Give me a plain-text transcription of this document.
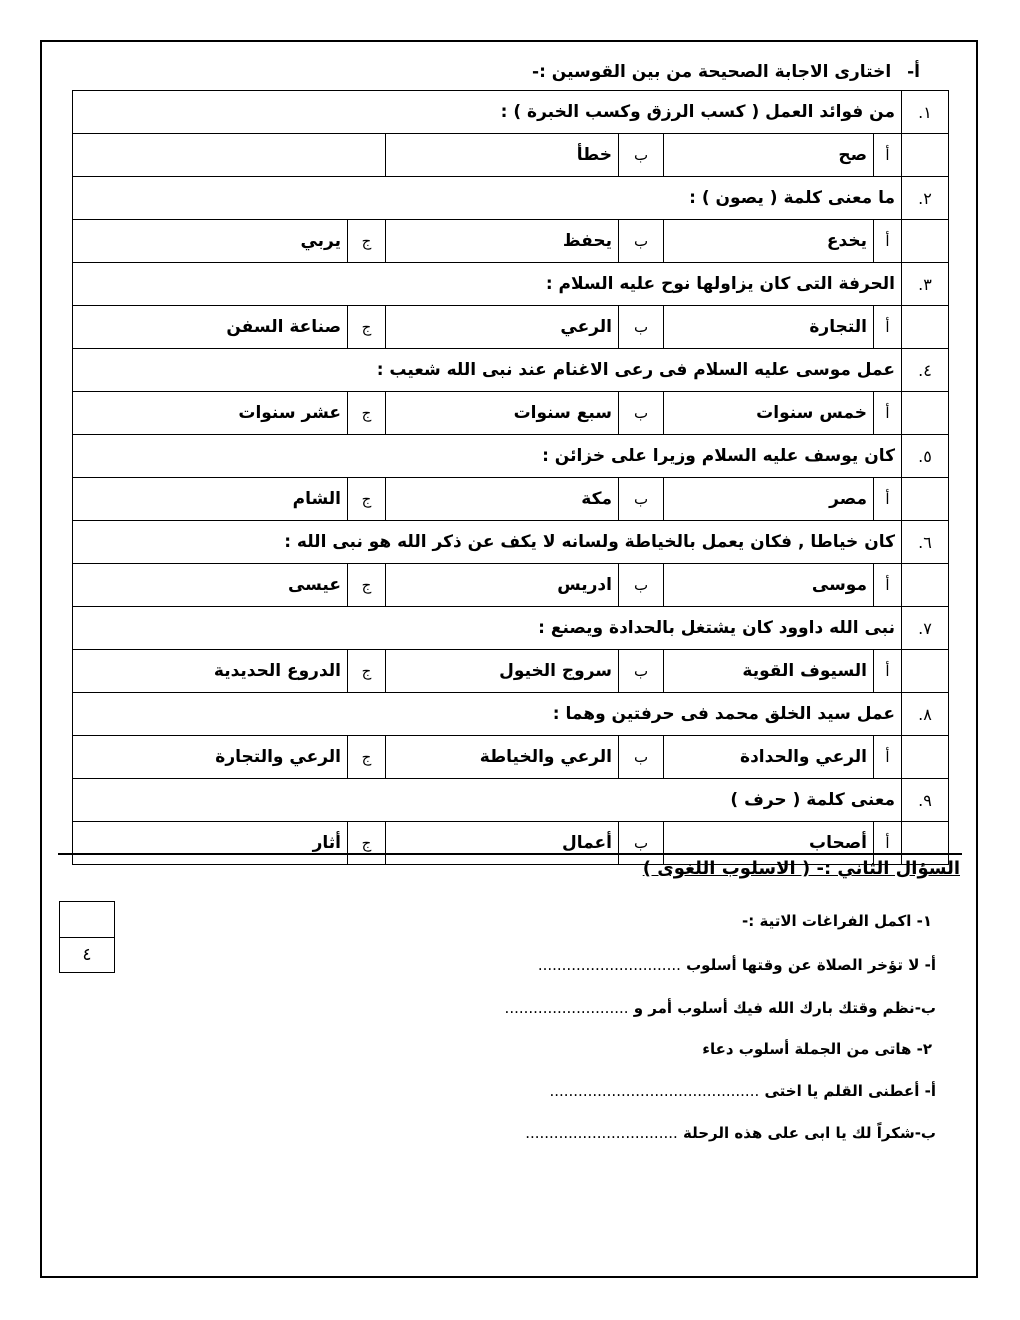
أ- اختارى الاجابة الصحيحة من بين القوسين :-
١.	من فوائد العمل ( كسب الرزق وكسب الخبرة ) :					
	أ	صح	ب	خطأ		
٢.	ما معنى كلمة ( يصون ) :					
	أ	يخدع	ب	يحفظ	ج	يربي
٣.	الحرفة التى كان يزاولها نوح عليه السلام :					
	أ	التجارة	ب	الرعي	ج	صناعة السفن
٤.	عمل موسى عليه السلام فى رعى الاغنام عند نبى الله شعيب :					
	أ	خمس سنوات	ب	سبع سنوات	ج	عشر سنوات
٥.	كان يوسف عليه السلام وزيرا على خزائن :					
	أ	مصر	ب	مكة	ج	الشام
٦.	كان خياطا , فكان يعمل بالخياطة ولسانه لا يكف عن ذكر الله هو نبى الله :					
	أ	موسى	ب	ادريس	ج	عيسى
٧.	نبى الله داوود كان يشتغل بالحدادة ويصنع :					
	أ	السيوف القوية	ب	سروج الخيول	ج	الدروع الحديدية
٨.	عمل سيد الخلق محمد فى حرفتين وهما :					
	أ	الرعي والحدادة	ب	الرعي والخياطة	ج	الرعي والتجارة
٩.	معنى كلمة ( حرف )					
	أ	أصحاب	ب	أعمال	ج	أثار
السؤال الثاني :- ( الاسلوب اللغوى )
٤
١- اكمل الفراغات الاتية :-
أ- لا تؤخر الصلاة عن وقتها أسلوب ..............................
ب-نظم وقتك بارك الله فيك أسلوب أمر و ..........................
٢- هاتى من الجملة أسلوب دعاء
أ- أعطنى القلم يا اختى ............................................
ب-شكراً لك يا ابى على هذه الرحلة ................................
